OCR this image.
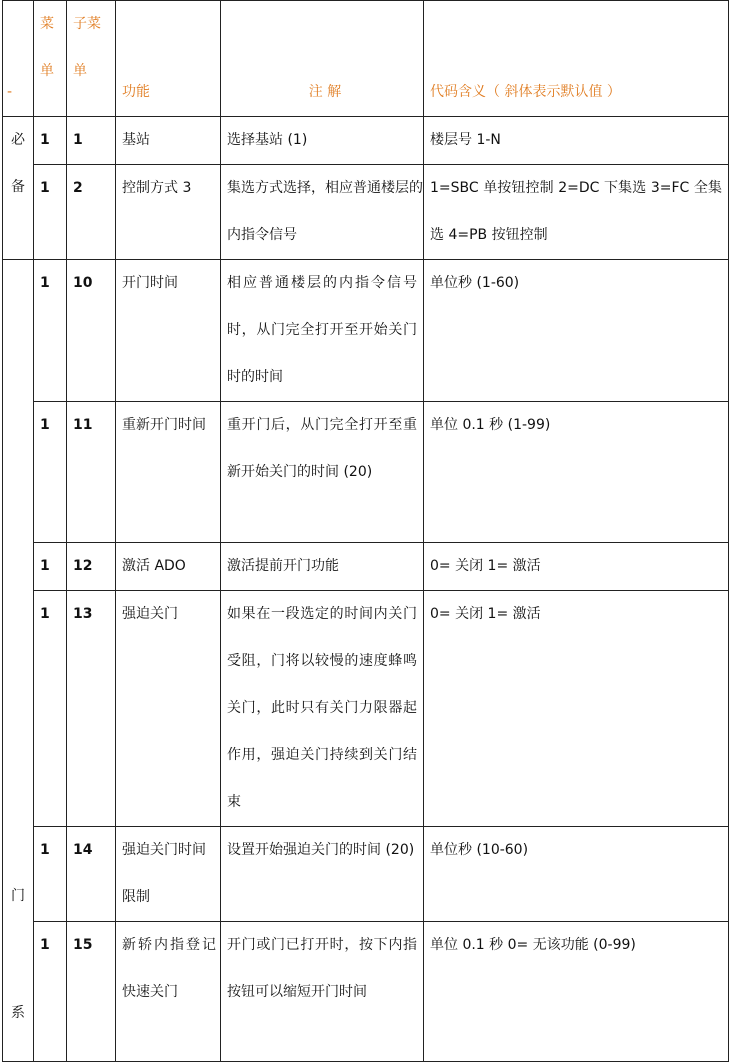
-	菜单	子菜单	功能	注 解	代码含义（ 斜体表示默认值 ）

必
备	1	1	基站	选择基站 (1)	楼层号 1-N
	1	2	控制方式 3	集选方式选择，相应普通楼层的内指令信号	1=SBC 单按钮控制 2=DC 下集选 3=FC 全集选 4=PB 按钮控制

门
系	1	10	开门时间	相应普通楼层的内指令信号时，从门完全打开至开始关门时的时间	单位秒 (1-60)
	1	11	重新开门时间	重开门后，从门完全打开至重新开始关门的时间 (20)	单位 0.1 秒 (1-99)
	1	12	激活 ADO	激活提前开门功能	0= 关闭 1= 激活
	1	13	强迫关门	如果在一段选定的时间内关门受阻，门将以较慢的速度蜂鸣关门，此时只有关门力限器起作用，强迫关门持续到关门结束	0= 关闭 1= 激活
	1	14	强迫关门时间限制	设置开始强迫关门的时间 (20)	单位秒 (10-60)
	1	15	新轿内指登记快速关门	开门或门已打开时，按下内指按钮可以缩短开门时间	单位 0.1 秒 0= 无该功能 (0-99)
